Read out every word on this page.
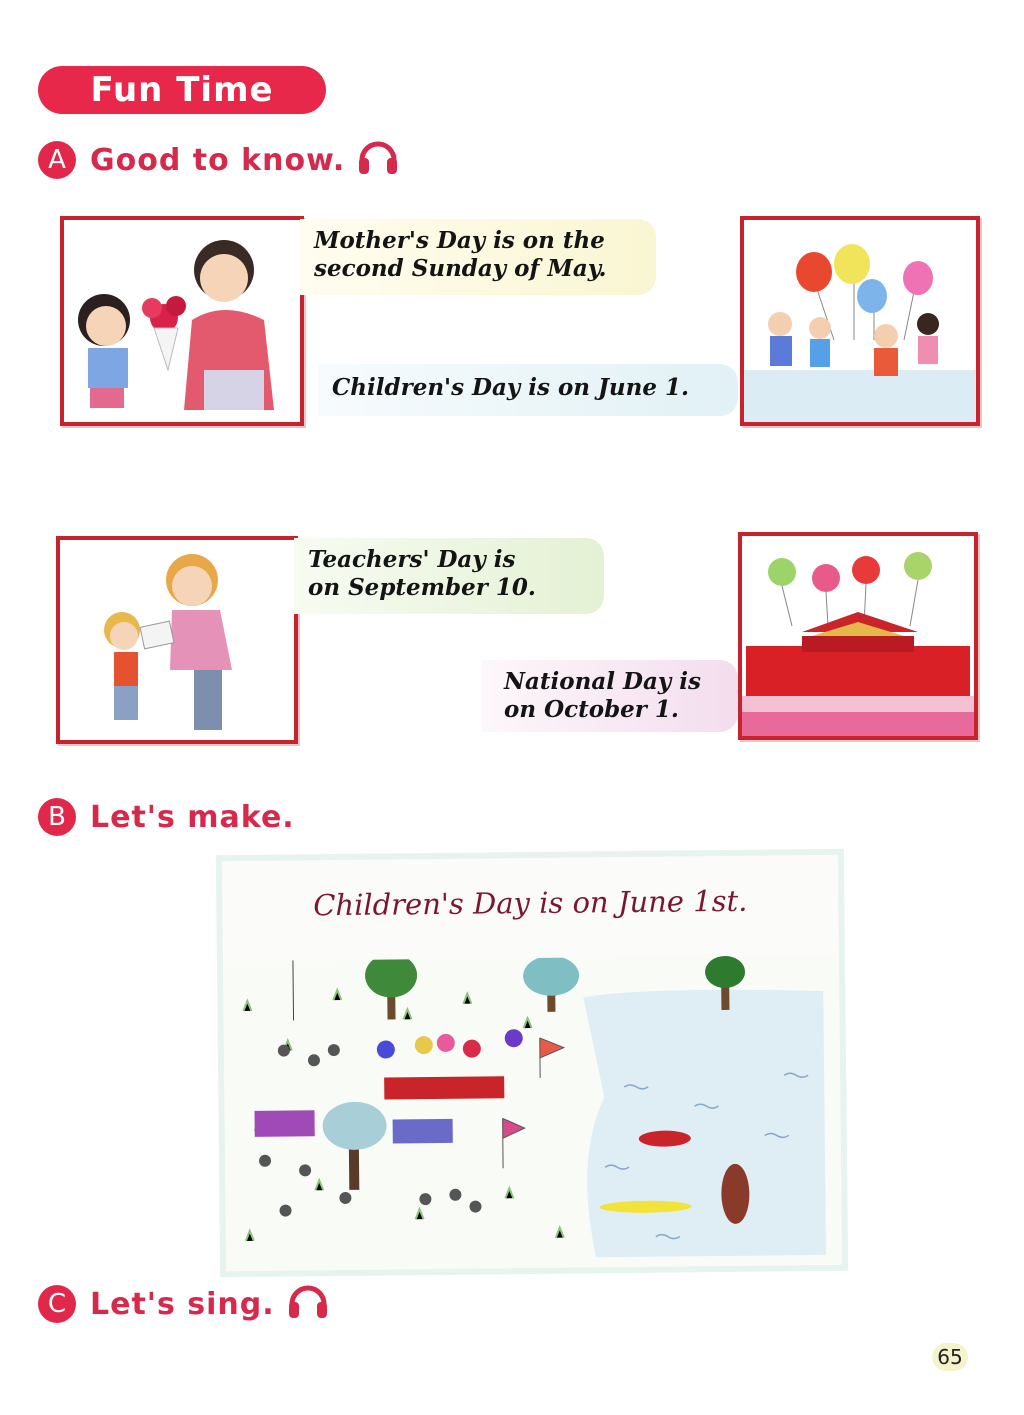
Fun Time
A Good to know.
Mother's Day is on the
second Sunday of May.
Children's Day is on June 1.
Teachers' Day is
on September 10.
National Day is
on October 1.
B Let's make.
Children's Day is on June 1st.
C Let's sing.
65
